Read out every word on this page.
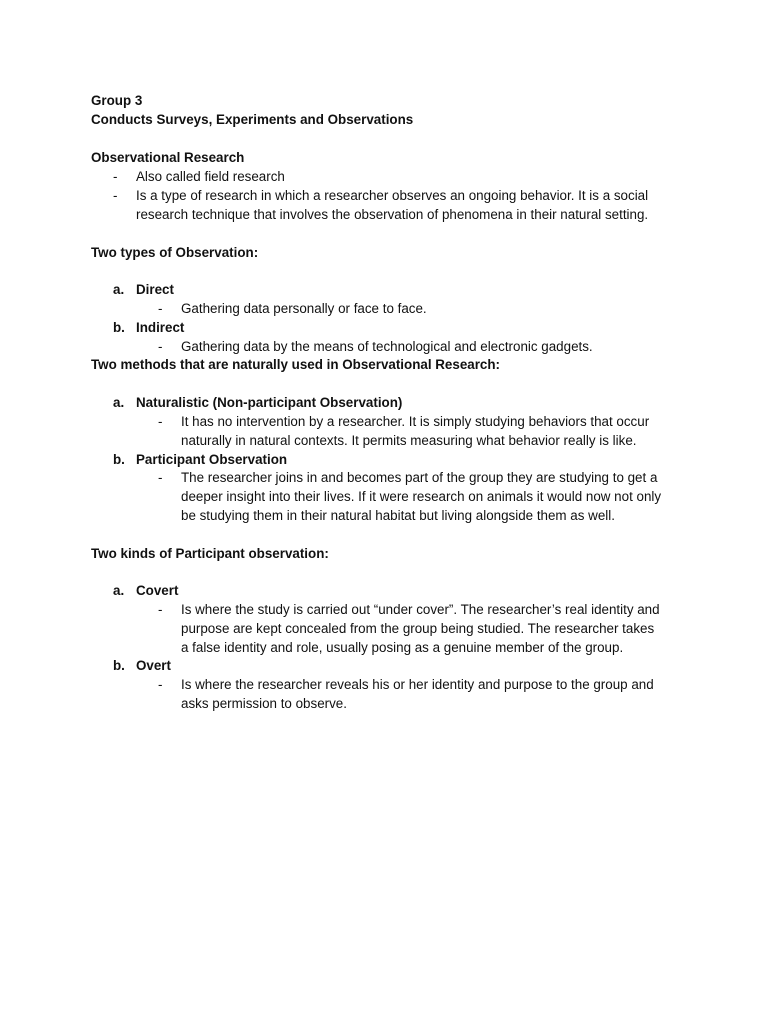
Group 3
Conducts Surveys, Experiments and Observations
Observational Research
- Also called field research
- Is a type of research in which a researcher observes an ongoing behavior. It is a social
research technique that involves the observation of phenomena in their natural setting.
Two types of Observation:
a. Direct
- Gathering data personally or face to face.
b. Indirect
- Gathering data by the means of technological and electronic gadgets.
Two methods that are naturally used in Observational Research:
a. Naturalistic (Non-participant Observation)
- It has no intervention by a researcher. It is simply studying behaviors that occur
naturally in natural contexts. It permits measuring what behavior really is like.
b. Participant Observation
- The researcher joins in and becomes part of the group they are studying to get a
deeper insight into their lives. If it were research on animals it would now not only
be studying them in their natural habitat but living alongside them as well.
Two kinds of Participant observation:
a. Covert
- Is where the study is carried out “under cover”. The researcher’s real identity and
purpose are kept concealed from the group being studied. The researcher takes
a false identity and role, usually posing as a genuine member of the group.
b. Overt
- Is where the researcher reveals his or her identity and purpose to the group and
asks permission to observe.
